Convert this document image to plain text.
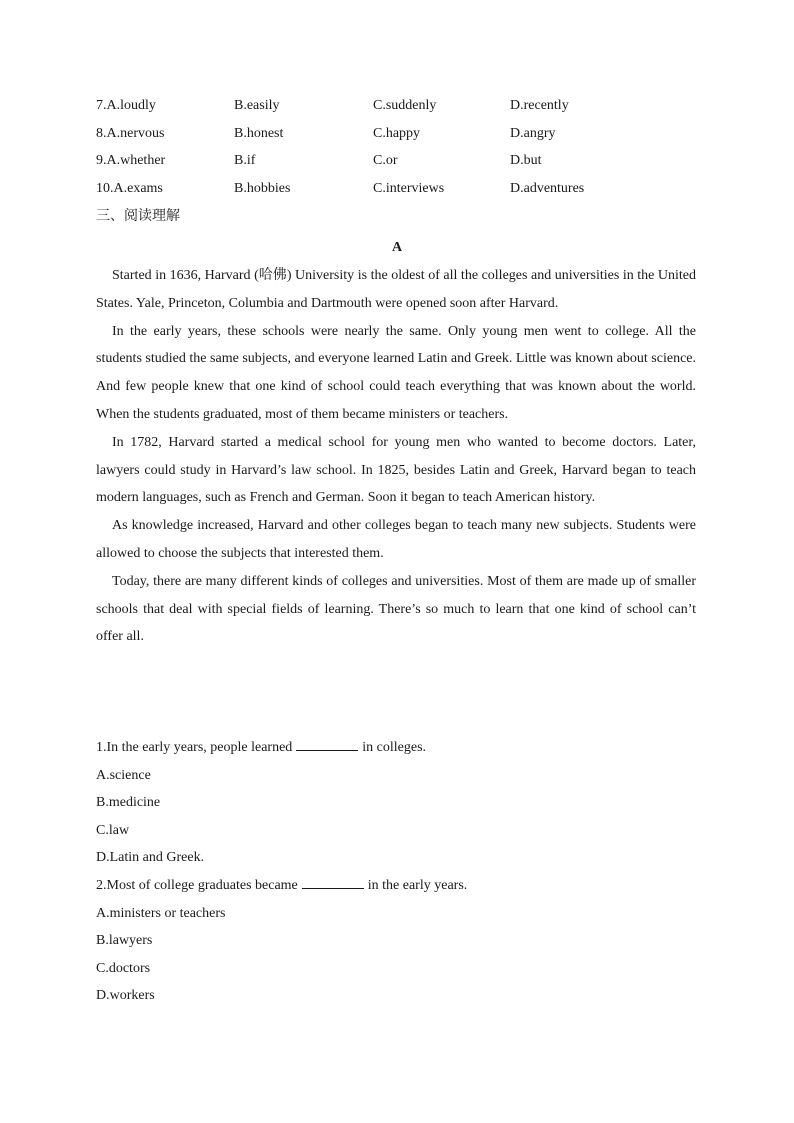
7.A.loudly	B.easily	C.suddenly	D.recently
8.A.nervous	B.honest	C.happy	D.angry
9.A.whether	B.if	C.or	D.but
10.A.exams	B.hobbies	C.interviews	D.adventures
三、阅读理解
A

Started in 1636, Harvard (哈佛) University is the oldest of all the colleges and universities in the United States. Yale, Princeton, Columbia and Dartmouth were opened soon after Harvard.

In the early years, these schools were nearly the same. Only young men went to college. All the students studied the same subjects, and everyone learned Latin and Greek. Little was known about science. And few people knew that one kind of school could teach everything that was known about the world. When the students graduated, most of them became ministers or teachers.

In 1782, Harvard started a medical school for young men who wanted to become doctors. Later, lawyers could study in Harvard’s law school. In 1825, besides Latin and Greek, Harvard began to teach modern languages, such as French and German. Soon it began to teach American history.

As knowledge increased, Harvard and other colleges began to teach many new subjects. Students were allowed to choose the subjects that interested them.

Today, there are many different kinds of colleges and universities. Most of them are made up of smaller schools that deal with special fields of learning. There’s so much to learn that one kind of school can’t offer all.

1.In the early years, people learned	in colleges.

A.science

B.medicine

C.law

D.Latin and Greek.

2.Most of college graduates became	in the early years.

A.ministers or teachers

B.lawyers

C.doctors

D.workers
